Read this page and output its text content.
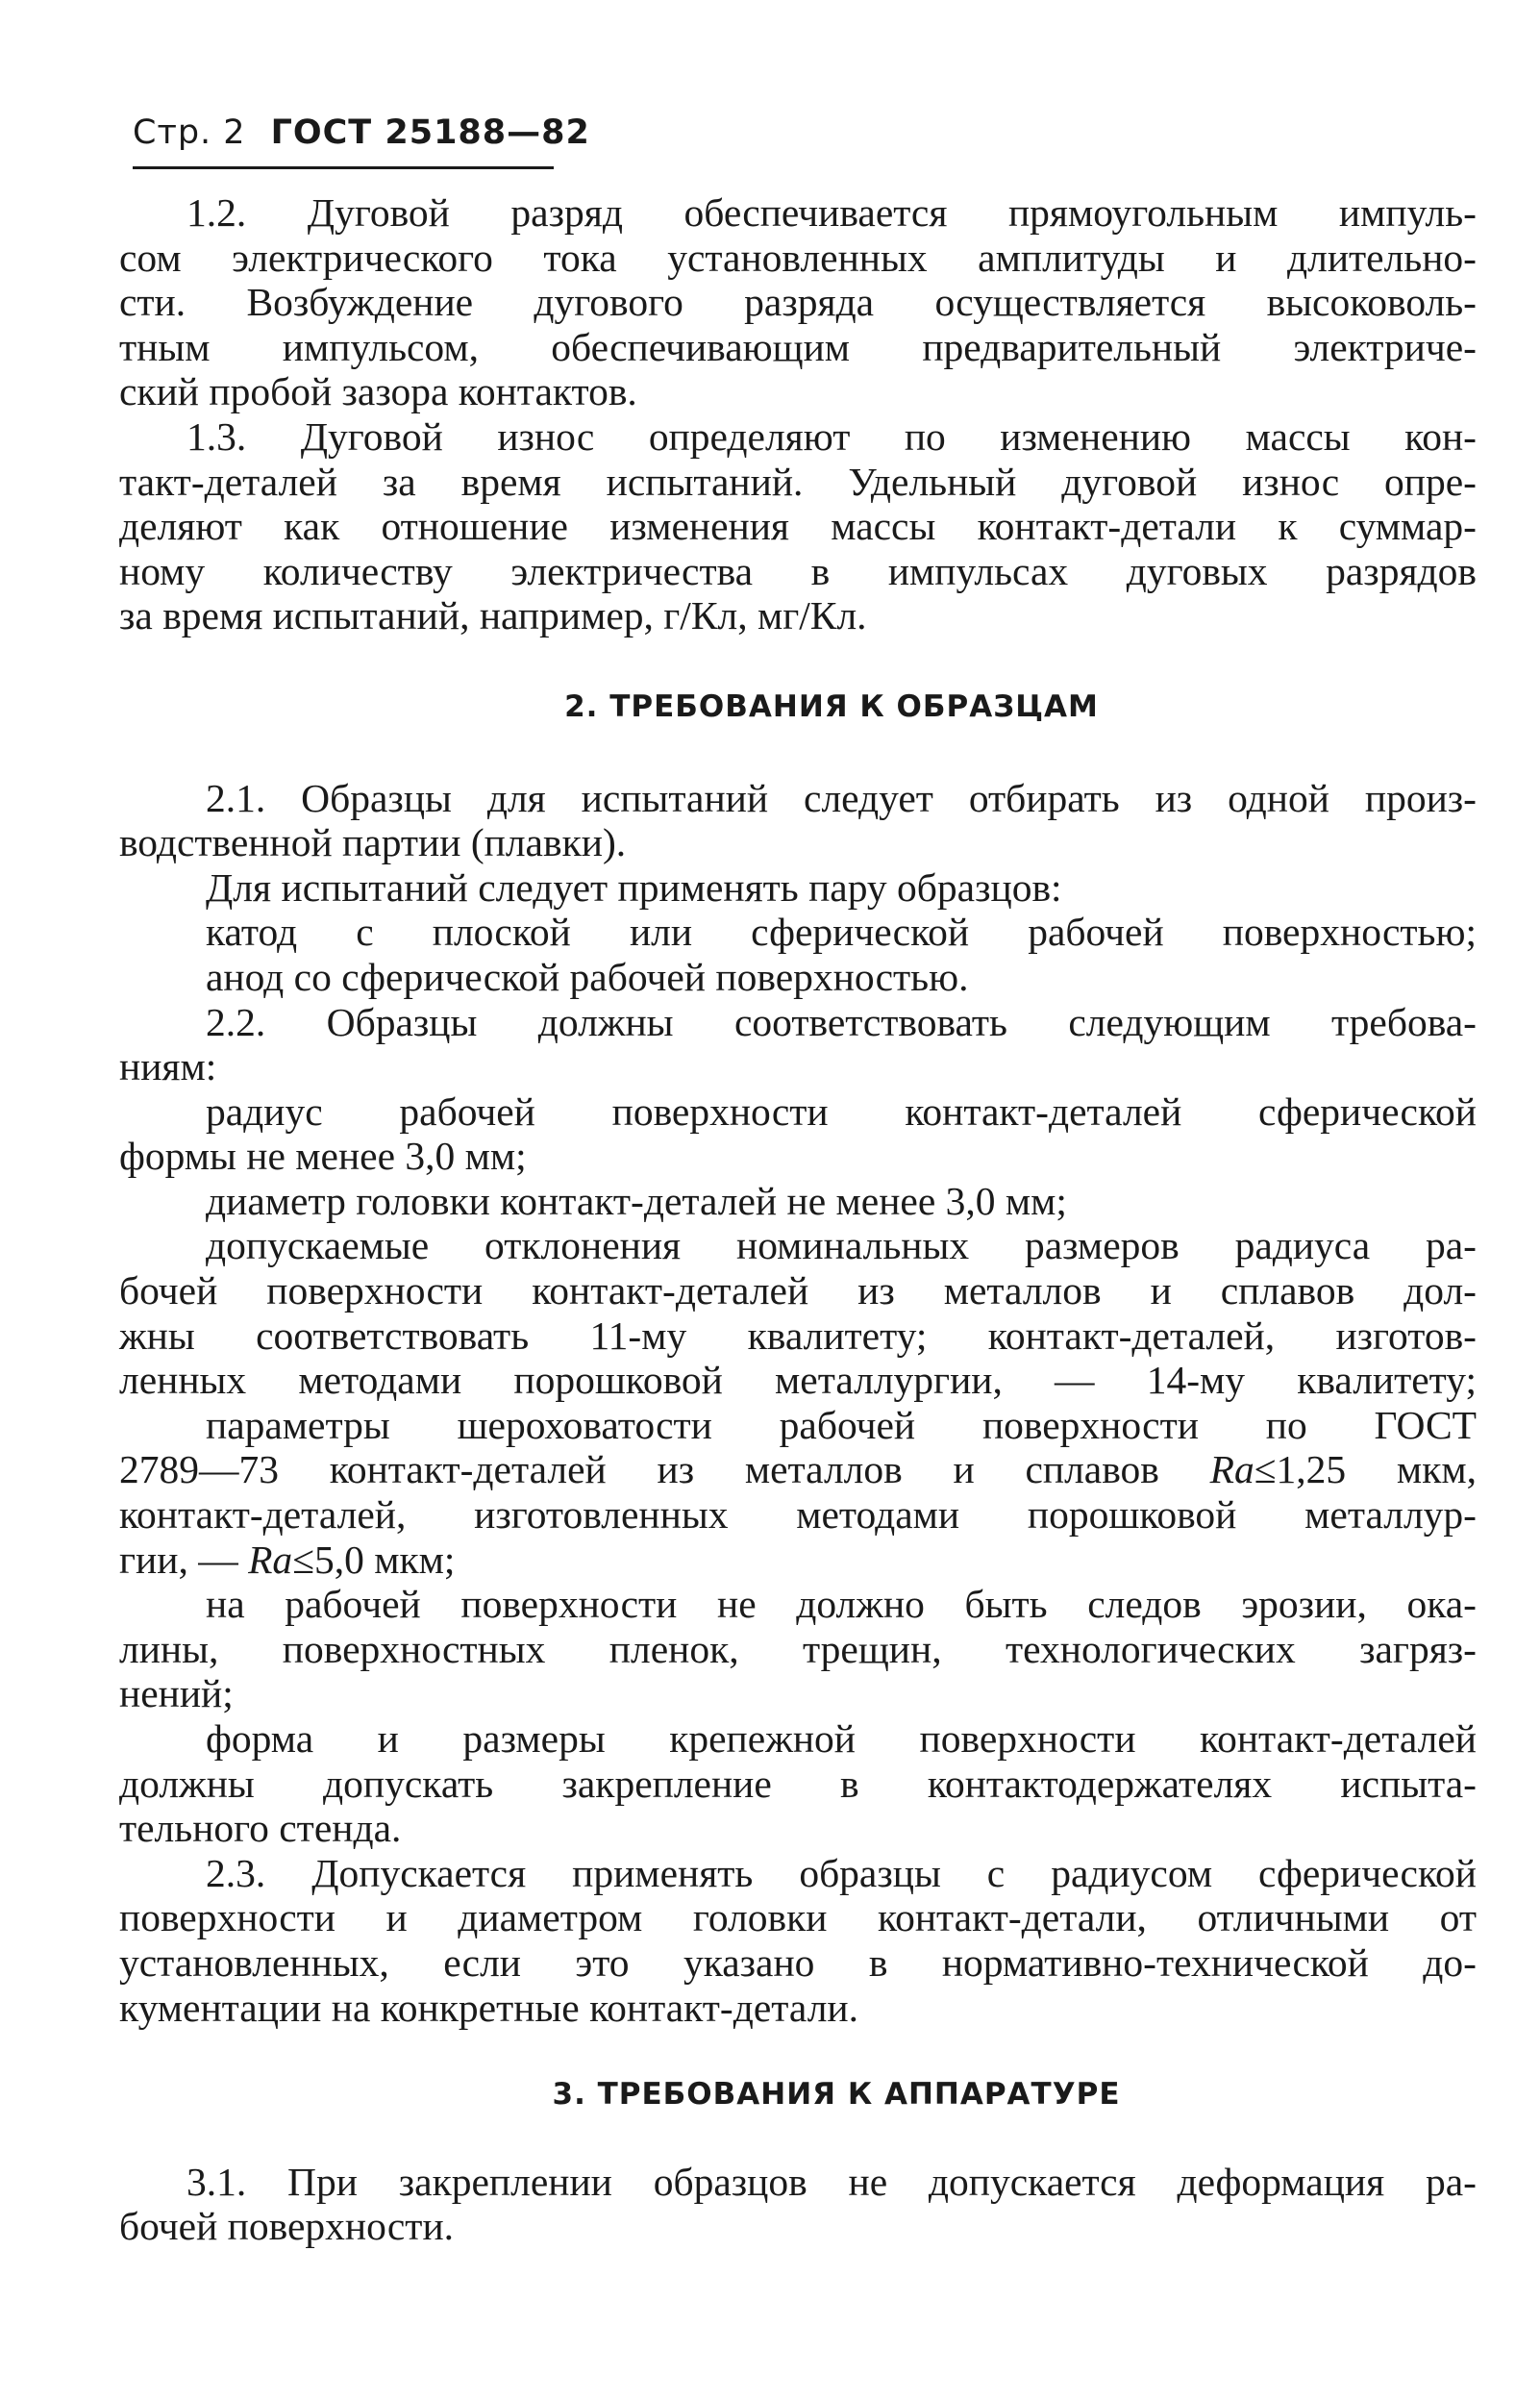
Стр. 2 ГОСТ 25188—82
1.2. Дуговой разряд обеспечивается прямоугольным импуль-
сом электрического тока установленных амплитуды и длительно-
сти. Возбуждение дугового разряда осуществляется высоковоль-
тным импульсом, обеспечивающим предварительный электриче-
ский пробой зазора контактов.
1.3. Дуговой износ определяют по изменению массы кон-
такт-деталей за время испытаний. Удельный дуговой износ опре-
деляют как отношение изменения массы контакт-детали к суммар-
ному количеству электричества в импульсах дуговых разрядов
за время испытаний, например, г/Кл, мг/Кл.
2. ТРЕБОВАНИЯ К ОБРАЗЦАМ
2.1. Образцы для испытаний следует отбирать из одной произ-
водственной партии (плавки).
Для испытаний следует применять пару образцов:
катод с плоской или сферической рабочей поверхностью;
анод со сферической рабочей поверхностью.
2.2. Образцы должны соответствовать следующим требова-
ниям:
радиус рабочей поверхности контакт-деталей сферической
формы не менее 3,0 мм;
диаметр головки контакт-деталей не менее 3,0 мм;
допускаемые отклонения номинальных размеров радиуса ра-
бочей поверхности контакт-деталей из металлов и сплавов дол-
жны соответствовать 11-му квалитету; контакт-деталей, изготов-
ленных методами порошковой металлургии, — 14-му квалитету;
параметры шероховатости рабочей поверхности по ГОСТ
2789—73 контакт-деталей из металлов и сплавов Ra≤1,25 мкм,
контакт-деталей, изготовленных методами порошковой металлур-
гии, — Ra≤5,0 мкм;
на рабочей поверхности не должно быть следов эрозии, ока-
лины, поверхностных пленок, трещин, технологических загряз-
нений;
форма и размеры крепежной поверхности контакт-деталей
должны допускать закрепление в контактодержателях испыта-
тельного стенда.
2.3. Допускается применять образцы с радиусом сферической
поверхности и диаметром головки контакт-детали, отличными от
установленных, если это указано в нормативно-технической до-
кументации на конкретные контакт-детали.
3. ТРЕБОВАНИЯ К АППАРАТУРЕ
3.1. При закреплении образцов не допускается деформация ра-
бочей поверхности.
